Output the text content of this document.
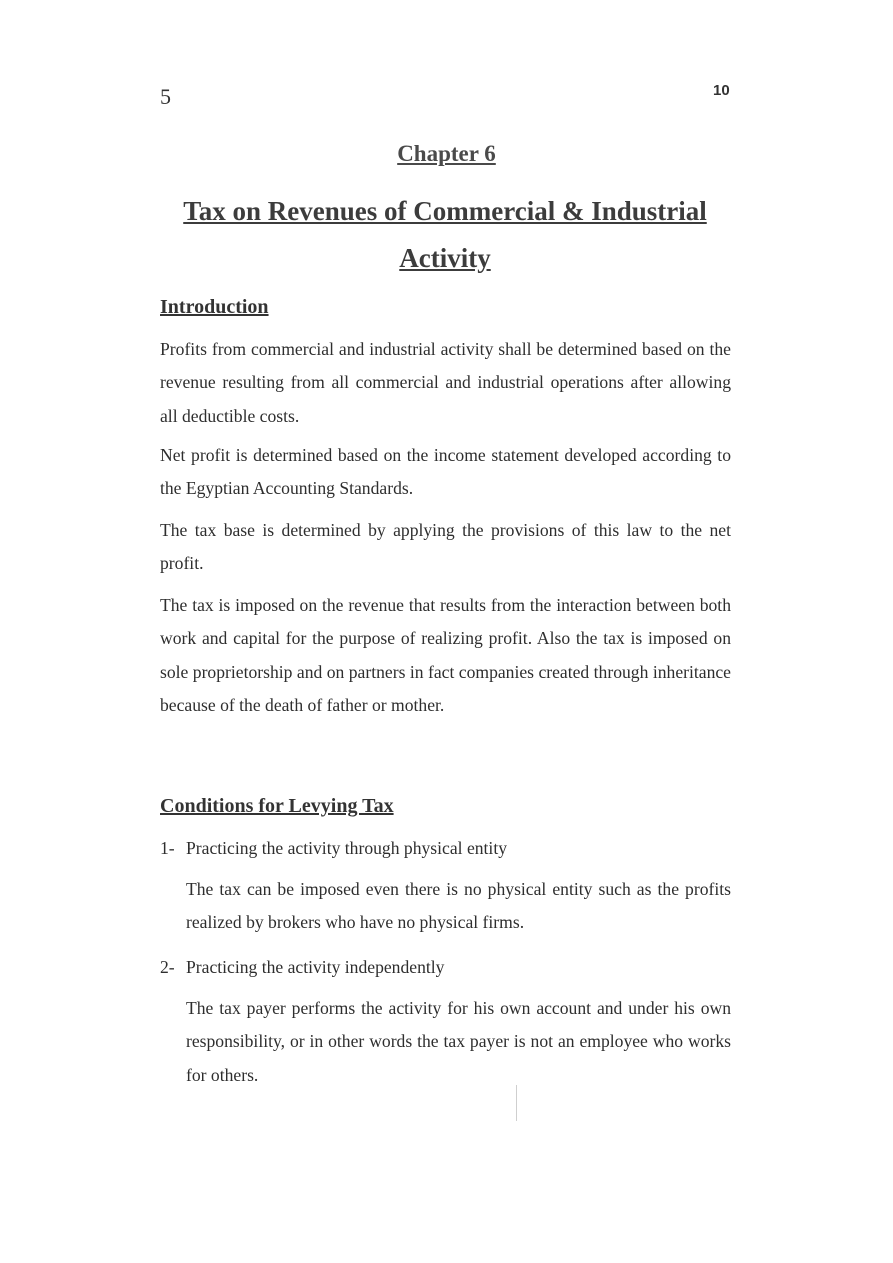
5	10
Chapter 6
Tax on Revenues of Commercial & Industrial Activity
Introduction

Profits from commercial and industrial activity shall be determined based on the revenue resulting from all commercial and industrial operations after allowing all deductible costs.

Net profit is determined based on the income statement developed according to the Egyptian Accounting Standards.

The tax base is determined by applying the provisions of this law to the net profit.

The tax is imposed on the revenue that results from the interaction between both work and capital for the purpose of realizing profit. Also the tax is imposed on sole proprietorship and on partners in fact companies created through inheritance because of the death of father or mother.

Conditions for Levying Tax
1- Practicing the activity through physical entity

The tax can be imposed even there is no physical entity such as the profits realized by brokers who have no physical firms.

2- Practicing the activity independently

The tax payer performs the activity for his own account and under his own responsibility, or in other words the tax payer is not an employee who works for others.
